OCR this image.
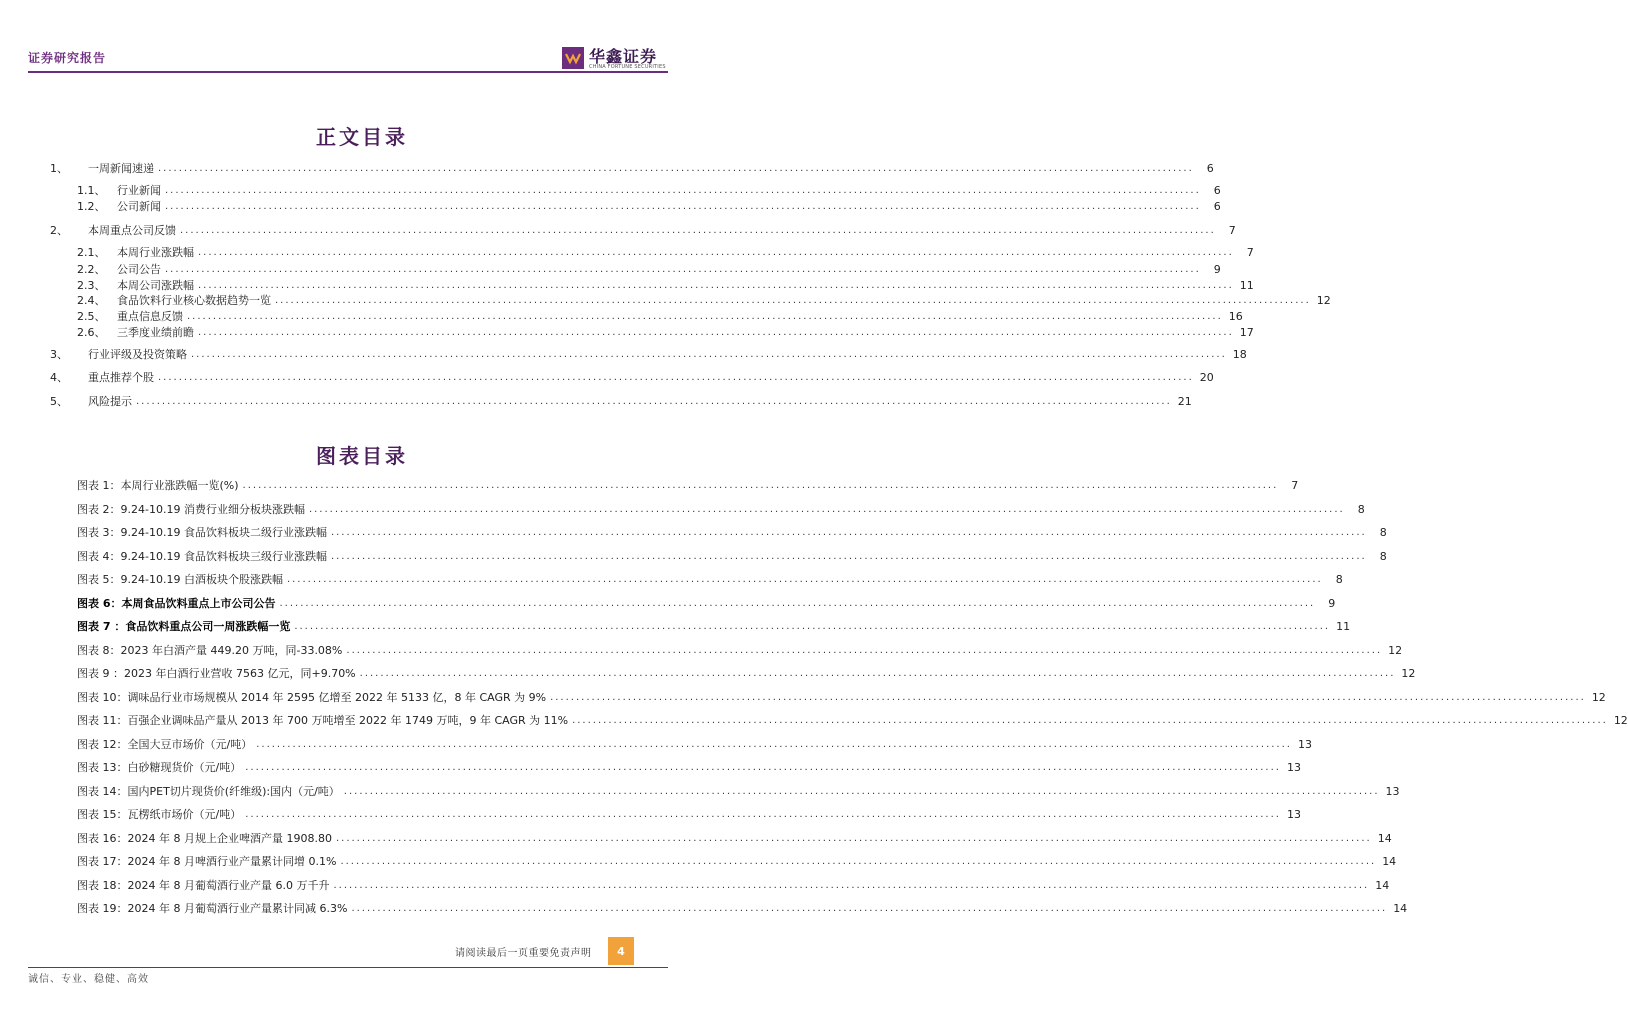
证券研究报告	华鑫证券
CHINA FORTUNE SECURITIES
正文目录
1、	一周新闻速递 ........................................................................................................................................................................................................	6
1.1、	行业新闻 ........................................................................................................................................................................................................	6
1.2、	公司新闻 ........................................................................................................................................................................................................	6
2、	本周重点公司反馈 ........................................................................................................................................................................................................	7
2.1、	本周行业涨跌幅 ........................................................................................................................................................................................................	7
2.2、	公司公告 ........................................................................................................................................................................................................	9
2.3、	本周公司涨跌幅 ........................................................................................................................................................................................................ 11
2.4、	食品饮料行业核心数据趋势一览 ........................................................................................................................................................................................................ 12
2.5、	重点信息反馈 ........................................................................................................................................................................................................ 16
2.6、	三季度业绩前瞻 ........................................................................................................................................................................................................ 17
3、	行业评级及投资策略 ........................................................................................................................................................................................................ 18
4、	重点推荐个股 ........................................................................................................................................................................................................ 20
5、	风险提示 ........................................................................................................................................................................................................ 21
图表目录
图表 1： 本周行业涨跌幅一览(%) ........................................................................................................................................................................................................	7
图表 2： 9.24-10.19 消费行业细分板块涨跌幅 ........................................................................................................................................................................................................	8
图表 3： 9.24-10.19 食品饮料板块二级行业涨跌幅 ........................................................................................................................................................................................................	8
图表 4： 9.24-10.19 食品饮料板块三级行业涨跌幅 ........................................................................................................................................................................................................	8
图表 5： 9.24-10.19 白酒板块个股涨跌幅 ........................................................................................................................................................................................................	8
图表 6： 本周食品饮料重点上市公司公告 ........................................................................................................................................................................................................	9
图表 7 ： 食品饮料重点公司一周涨跌幅一览 ........................................................................................................................................................................................................ 11
图表 8： 2023 年白酒产量 449.20 万吨，同-33.08% ........................................................................................................................................................................................................ 12
图表 9 ： 2023 年白酒行业营收 7563 亿元，同+9.70% ........................................................................................................................................................................................................ 12
图表 10： 调味品行业市场规模从 2014 年 2595 亿增至 2022 年 5133 亿，8 年 CAGR 为 9% ........................................................................................................................................................................................................ 12
图表 11： 百强企业调味品产量从 2013 年 700 万吨增至 2022 年 1749 万吨，9 年 CAGR 为 11% ........................................................................................................................................................................................................ 12
图表 12： 全国大豆市场价（元/吨） ........................................................................................................................................................................................................ 13
图表 13： 白砂糖现货价（元/吨） ........................................................................................................................................................................................................ 13
图表 14： 国内PET切片现货价(纤维级):国内（元/吨） ........................................................................................................................................................................................................ 13
图表 15： 瓦楞纸市场价（元/吨） ........................................................................................................................................................................................................ 13
图表 16： 2024 年 8 月规上企业啤酒产量 1908.80 ........................................................................................................................................................................................................ 14
图表 17： 2024 年 8 月啤酒行业产量累计同增 0.1% ........................................................................................................................................................................................................ 14
图表 18： 2024 年 8 月葡萄酒行业产量 6.0 万千升 ........................................................................................................................................................................................................ 14
图表 19： 2024 年 8 月葡萄酒行业产量累计同减 6.3% ........................................................................................................................................................................................................ 14
请阅读最后一页重要免责声明	4
诚信、专业、稳健、高效
